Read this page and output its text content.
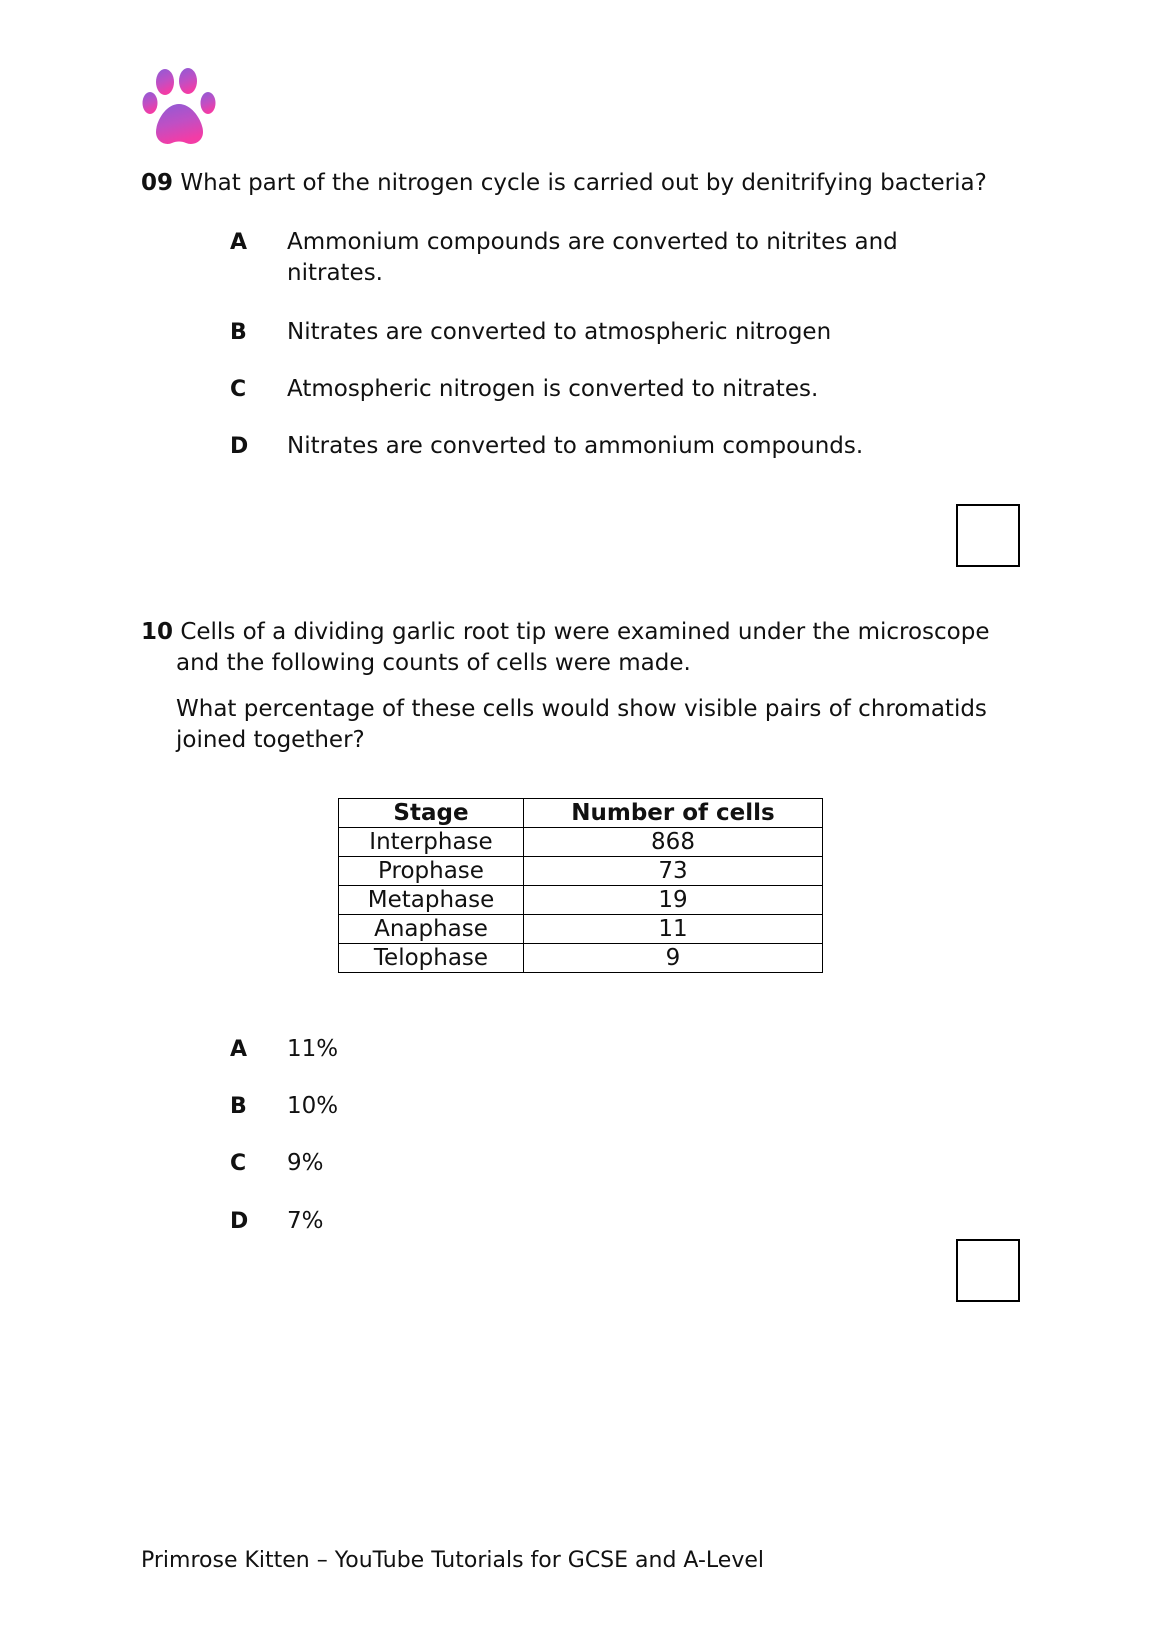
09 What part of the nitrogen cycle is carried out by denitrifying bacteria?
A Ammonium compounds are converted to nitrites and
nitrates.
B Nitrates are converted to atmospheric nitrogen
C Atmospheric nitrogen is converted to nitrates.
D Nitrates are converted to ammonium compounds.
10 Cells of a dividing garlic root tip were examined under the microscope
and the following counts of cells were made.
What percentage of these cells would show visible pairs of chromatids
joined together?
Stage	Number of cells
Interphase	868
Prophase	73
Metaphase	19
Anaphase	11
Telophase	9
A 11%
B 10%
C 9%
D 7%
Primrose Kitten – YouTube Tutorials for GCSE and A-Level
